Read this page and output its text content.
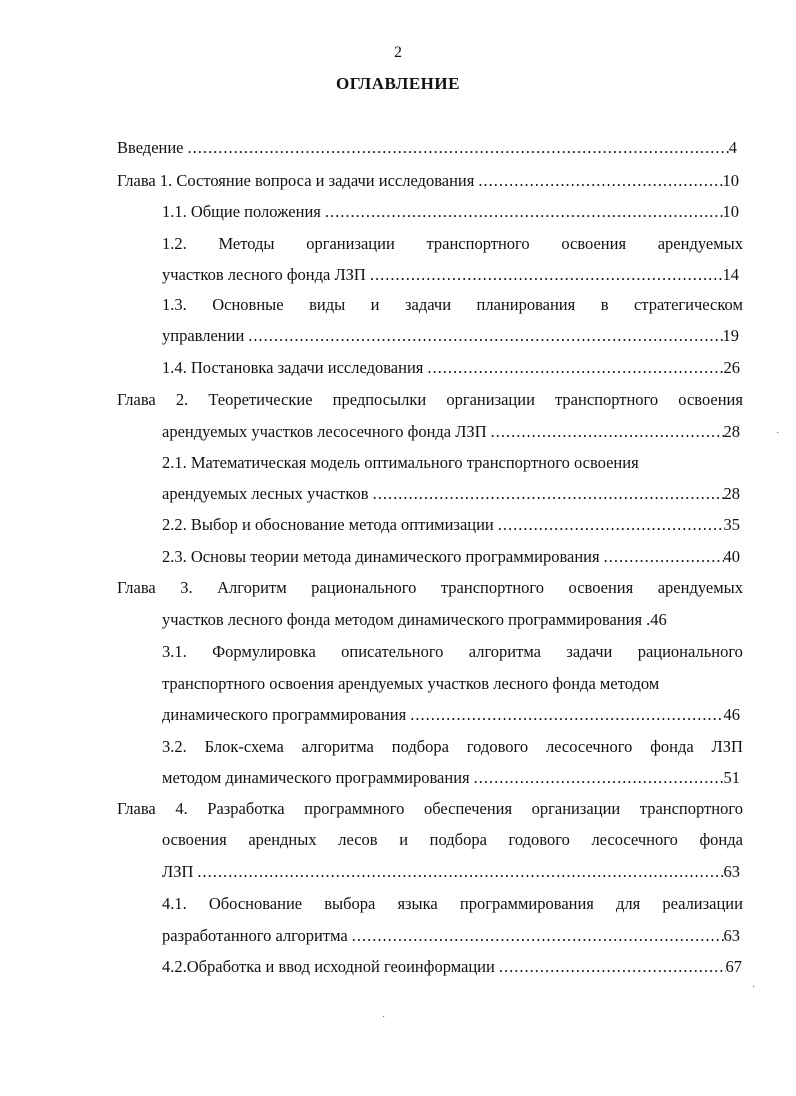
2
ОГЛАВЛЕНИЕ
Введение .....	4
Глава 1. Состояние вопроса и задачи исследования .....	10
1.1. Общие положения .....	10
1.2. Методы организации транспортного освоения арендуемых
участков лесного фонда ЛЗП .....	14
1.3. Основные виды и задачи планирования в стратегическом
управлении .....	19
1.4. Постановка задачи исследования .....	26
Глава 2. Теоретические предпосылки организации транспортного освоения
арендуемых участков лесосечного фонда ЛЗП .....	28
2.1. Математическая модель оптимального транспортного освоения
арендуемых лесных участков .....	28
2.2. Выбор и обоснование метода оптимизации .....	35
2.3. Основы теории метода динамического программирования .....	40
Глава 3. Алгоритм рационального транспортного освоения арендуемых
участков лесного фонда методом динамического программирования .46
3.1. Формулировка описательного алгоритма задачи рационального
транспортного освоения арендуемых участков лесного фонда методом
динамического программирования .....	46
3.2. Блок-схема алгоритма подбора годового лесосечного фонда ЛЗП
методом динамического программирования .....	51
Глава 4. Разработка программного обеспечения организации транспортного
освоения арендных лесов и подбора годового лесосечного фонда
ЛЗП .....	63
4.1. Обоснование выбора языка программирования для реализации
разработанного алгоритма .....	63
4.2.Обработка и ввод исходной геоинформации .....	67
·
·
·
